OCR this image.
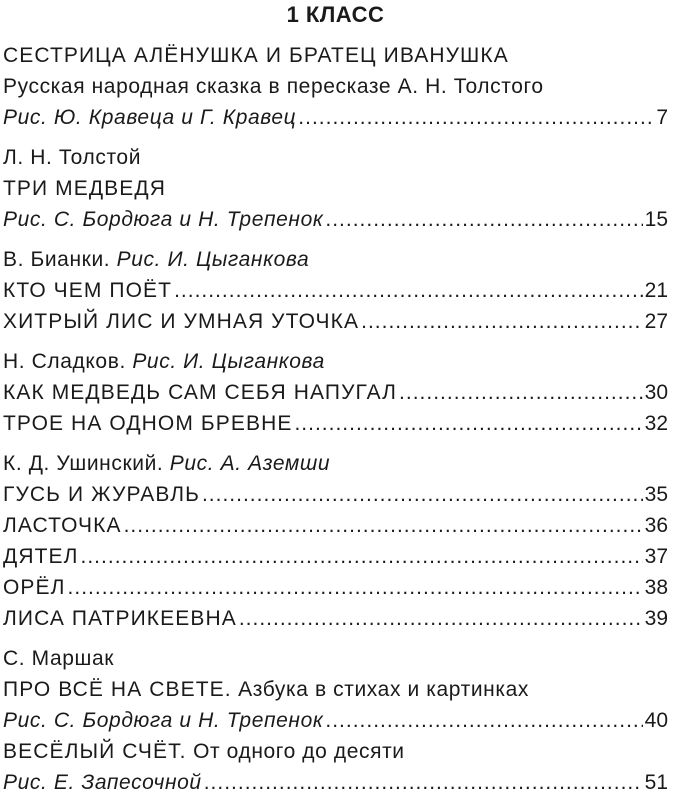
1 КЛАСС
СЕСТРИЦА АЛЁНУШКА И БРАТЕЦ ИВАНУШКА
Русская народная сказка в пересказе А. Н. Толстого
Рис. Ю. Кравеца и Г. Кравец .....	7
Л. Н. Толстой
ТРИ МЕДВЕДЯ
Рис. С. Бордюга и Н. Трепенок .....	15
В. Бианки. Рис. И. Цыганкова
КТО ЧЕМ ПОЁТ .....	21
ХИТРЫЙ ЛИС И УМНАЯ УТОЧКА .....	27
Н. Сладков. Рис. И. Цыганкова
КАК МЕДВЕДЬ САМ СЕБЯ НАПУГАЛ .....	30
ТРОЕ НА ОДНОМ БРЕВНЕ .....	32
К. Д. Ушинский. Рис. А. Аземши
ГУСЬ И ЖУРАВЛЬ .....	35
ЛАСТОЧКА .....	36
ДЯТЕЛ .....	37
ОРЁЛ .....	38
ЛИСА ПАТРИКЕЕВНА .....	39
С. Маршак
ПРО ВСЁ НА СВЕТЕ. Азбука в стихах и картинках
Рис. С. Бордюга и Н. Трепенок .....	40
ВЕСЁЛЫЙ СЧЁТ. От одного до десяти
Рис. Е. Запесочной .....	51
